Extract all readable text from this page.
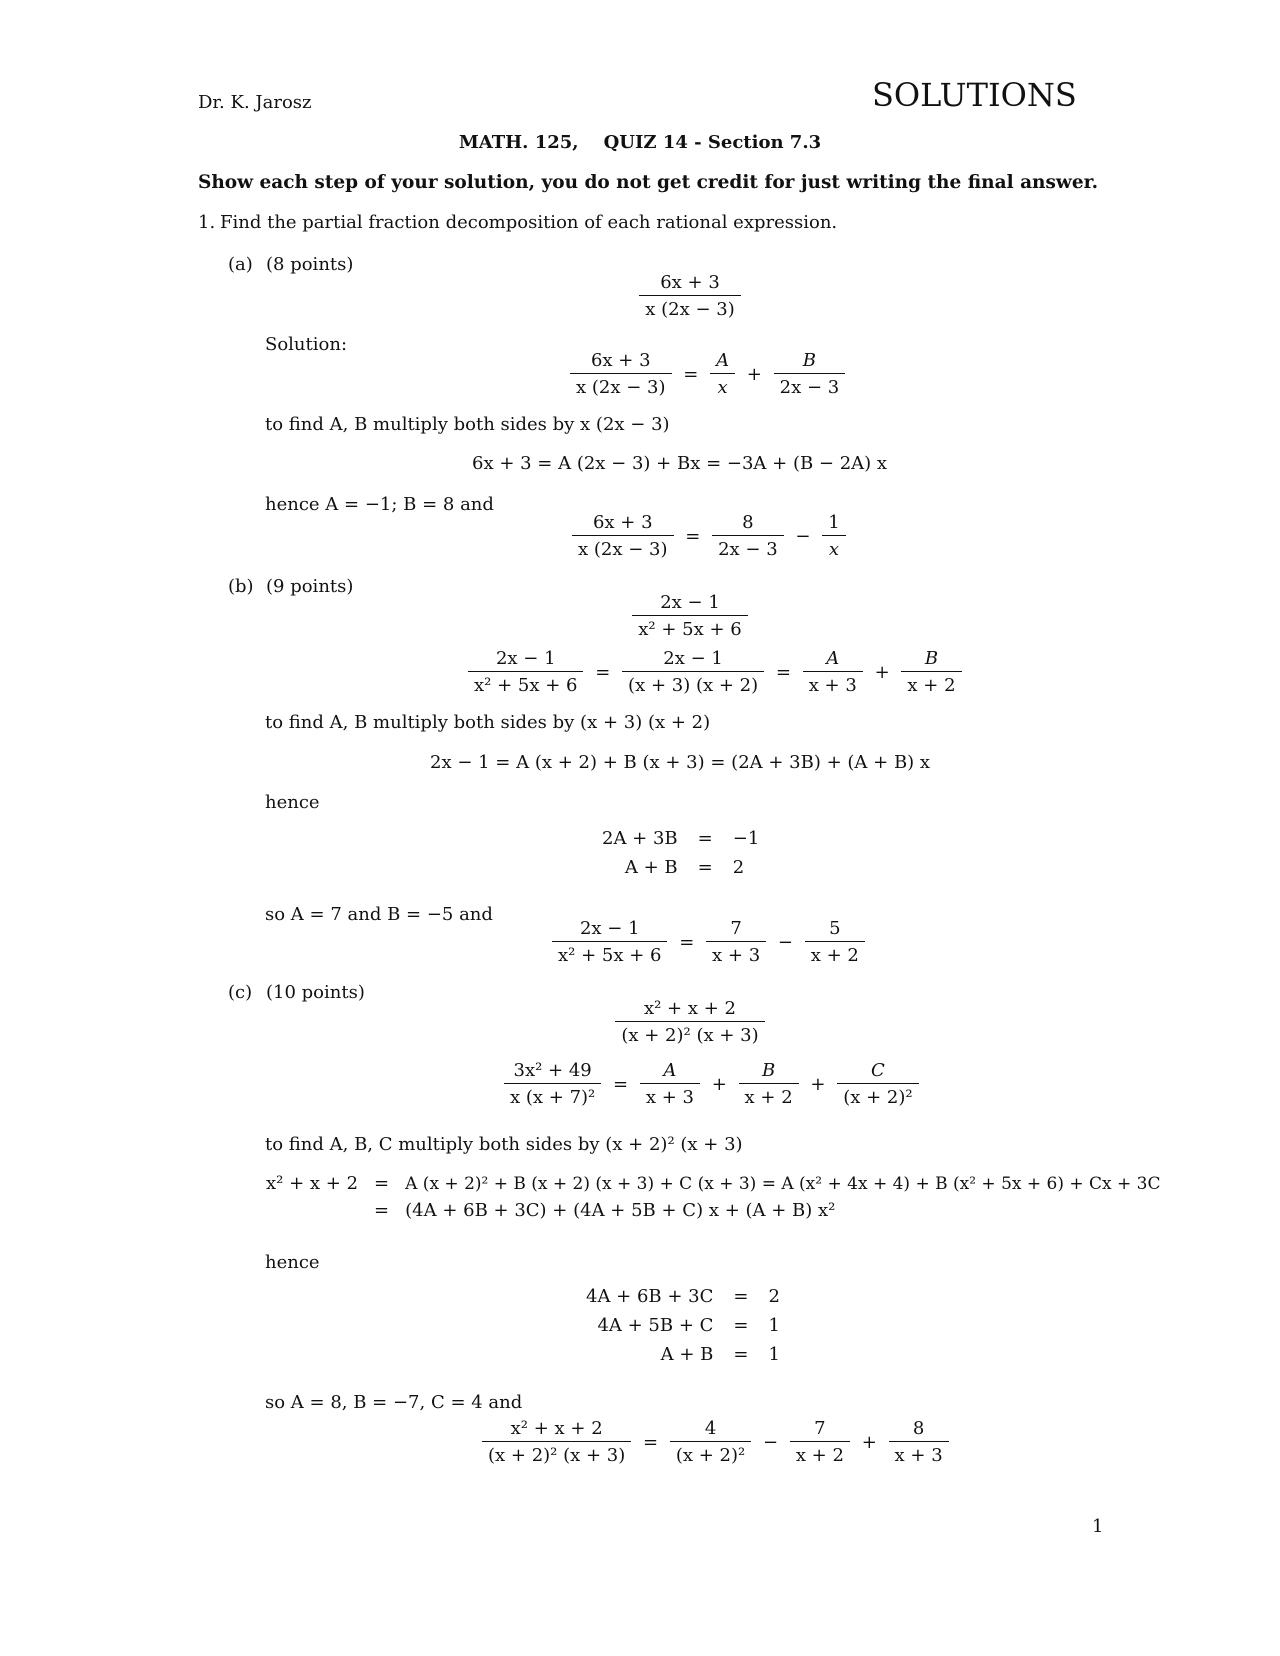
Dr. K. Jarosz	SOLUTIONS
MATH. 125,    QUIZ 14 - Section 7.3
Show each step of your solution, you do not get credit for just writing the final answer.
1. Find the partial fraction decomposition of each rational expression.
(a) (8 points)
$\frac{6x + 3}{x (2x - 3)}$
Solution:
$\frac{6x + 3}{x (2x - 3)} = \frac{A}{x} + \frac{B}{2x - 3}$
to find A, B multiply both sides by x (2x − 3)
6x + 3 = A (2x − 3) + Bx = −3A + (B − 2A) x
hence A = −1; B = 8 and
$\frac{6x + 3}{x (2x - 3)} = \frac{8}{2x - 3} - \frac{1}{x}$
(b) (9 points)
$\frac{2x - 1}{\text{x² + 5x + 6}}$
$\frac{2x - 1}{\text{x² + 5x + 6}} = \frac{2x - 1}{(x + 3) (x + 2)} = \frac{A}{x + 3} + \frac{B}{x + 2}$
to find A, B multiply both sides by (x + 3) (x + 2)
2x − 1 = A (x + 2) + B (x + 3) = (2A + 3B) + (A + B) x
hence
2A + 3B	=	−1
A + B	=	2
so A = 7 and B = −5 and
$\frac{2x - 1}{\text{x² + 5x + 6}} = \frac{7}{x + 3} - \frac{5}{x + 2}$
(c) (10 points)
$\frac{\text{x² + x + 2}}{\text{(x + 2)² (x + 3)}}$
$\frac{\text{3x² + 49}}{\text{x (x + 7)²}} = \frac{A}{x + 3} + \frac{B}{x + 2} + \frac{C}{\text{(x + 2)²}}$
to find A, B, C multiply both sides by (x + 2)² (x + 3)
x² + x + 2	=	A (x + 2)² + B (x + 2) (x + 3) + C (x + 3) = A (x² + 4x + 4) + B (x² + 5x + 6) + Cx + 3C
	=	(4A + 6B + 3C) + (4A + 5B + C) x + (A + B) x²
hence
4A + 6B + 3C	=	2
4A + 5B + C	=	1
A + B	=	1
so A = 8, B = −7, C = 4 and
$\frac{\text{x² + x + 2}}{\text{(x + 2)² (x + 3)}} = \frac{4}{\text{(x + 2)²}} - \frac{7}{x + 2} + \frac{8}{x + 3}$
1
